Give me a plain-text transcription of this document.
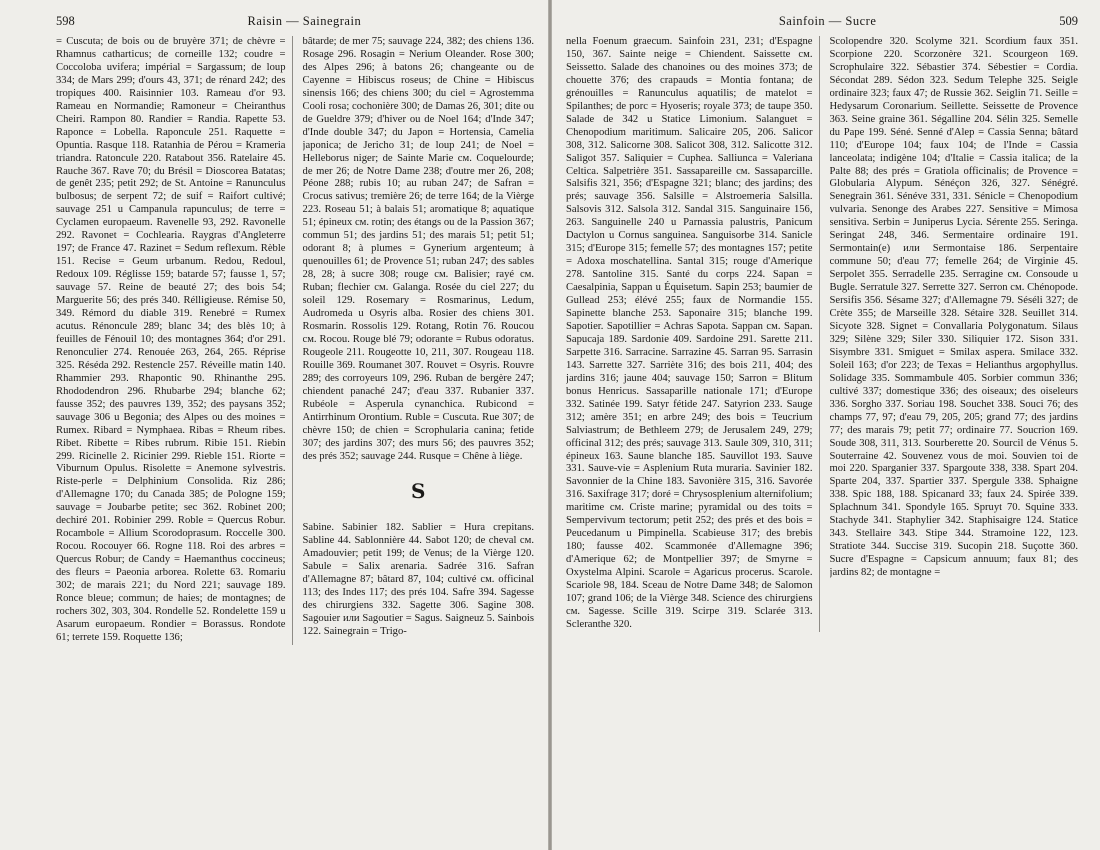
598	Raisin — Sainegrain

= Cuscuta; de bois ou de bruyère 371; de chèvre = Rhamnus catharticus; de corneille 132; coudre = Coccoloba uvifera; impérial = Sargassum; de loup 334; de Mars 299; d'ours 43, 371; de rénard 242; des tropiques 400. Raisinnier 103. Rameau d'or 93. Rameau en Normandie; Ramoneur = Cheiranthus Cheiri. Rampon 80. Randier = Randia. Rapette 53. Raponce = Lobella. Raponcule 251. Raquette = Opuntia. Rasque 118. Ratanhia de Pérou = Krameria triandra. Ratoncule 220. Ratabout 356. Ratelaire 45. Rauche 367. Rave 70; du Brésil = Dioscorea Batatas; de genêt 235; petit 292; de St. Antoine = Ranunculus bulbosus; de serpent 72; de suif = Raifort cultivé; sauvage 251 u Campanula rapunculus; de terre = Cyclamen europaeum. Ravenelle 93, 292. Ravonelle 292. Ravonet = Cochlearia. Raygras d'Angleterre 197; de France 47. Razinet = Sedum reflexum. Rèble 151. Recise = Geum urbanum. Redou, Redoul, Redoux 109. Réglisse 159; batarde 57; fausse 1, 57; sauvage 57. Reine de beauté 27; des bois 54; Marguerite 56; des prés 340. Rélligieuse. Rémise 50, 349. Rémord du diable 319. Renebré = Rumex acutus. Rénoncule 289; blanc 34; des blès 10; à feuilles de Fénouil 10; des montagnes 364; d'or 291. Renonculier 274. Renouée 263, 264, 265. Réprise 325. Réséda 292. Restencle 257. Réveille matin 140. Rhammier 293. Rhapontic 90. Rhinanthe 295. Rhododendron 296. Rhubarbe 294; blanche 62; fausse 352; des pauvres 139, 352; des paysans 352; sauvage 306 u Begonia; des Alpes ou des moines = Rumex. Ribard = Nymphaea. Ribas = Rheum ribes. Ribet. Ribette = Ribes rubrum. Ribie 151. Riebin 299. Ricinelle 2. Ricinier 299. Rieble 151. Riorte = Viburnum Opulus. Risolette = Anemone sylvestris. Riste-perle = Delphinium Consolida. Riz 286; d'Allemagne 170; du Canada 385; de Pologne 159; sauvage = Joubarbe petite; sec 362. Robinet 200; dechiré 201. Robinier 299. Roble = Quercus Robur. Rocambole = Allium Scorodoprasum. Roccelle 300. Rocou. Rocouyer 66. Rogne 118. Roi des arbres = Quercus Robur; de Candy = Haemanthus coccineus; des fleurs = Paeonia arborea. Rolette 63. Romariu 302; de marais 221; du Nord 221; sauvage 189. Ronce bleue; commun; de haies; de montagnes; de rochers 302, 303, 304. Rondelle 52. Rondelette 159 u Asarum europaeum. Rondier = Borassus. Rondote 61; terrete 159. Roquette 136;

bâtarde; de mer 75; sauvage 224, 382; des chiens 136. Rosage 296. Rosagin = Nerium Oleander. Rose 300; des Alpes 296; à batons 26; changeante ou de Cayenne = Hibiscus roseus; de Chine = Hibiscus sinensis 166; des chiens 300; du ciel = Agrostemma Cooli rosa; cochonière 300; de Damas 26, 301; dite ou de Gueldre 379; d'hiver ou de Noel 164; d'Inde 347; d'Inde double 347; du Japon = Hortensia, Camelia japonica; de Jericho 31; de loup 241; de Noel = Helleborus niger; de Sainte Marie cм. Coquelourde; de mer 26; de Notre Dame 238; d'outre mer 26, 208; Péone 288; rubis 10; au ruban 247; de Safran = Crocus sativus; tremière 26; de terre 164; de la Vièrge 223. Roseau 51; à balais 51; aromatique 8; aquatique 51; épineux cм. rotin; des étangs ou de la Passion 367; commun 51; des jardins 51; des marais 51; petit 51; odorant 8; à plumes = Gynerium argenteum; à quenouilles 61; de Provence 51; ruban 247; des sables 28, 28; à sucre 308; rouge cм. Balisier; rayé cм. Ruban; flechier cм. Galanga. Rosée du ciel 227; du soleil 129. Rosemary = Rosmarinus, Ledum, Audromeda u Osyris alba. Rosier des chiens 301. Rosmarin. Rossolis 129. Rotang, Rotin 76. Roucou cм. Rocou. Rouge blé 79; odorante = Rubus odoratus. Rougeole 211. Rougeotte 10, 211, 307. Rougeau 118. Rouille 369. Roumanet 307. Rouvet = Osyris. Rouvre 289; des corroyeurs 109, 296. Ruban de bergère 247; chiendent panaché 247; d'eau 337. Rubanier 337. Rubéole = Asperula cynanchica. Rubicond = Antirrhinum Orontium. Ruble = Cuscuta. Rue 307; de chèvre 150; de chien = Scrophularia canina; fetide 307; des jardins 307; des murs 56; des pauvres 352; des prés 352; sauvage 244. Rusque = Chêne à liège.

S

Sabine. Sabinier 182. Sablier = Hura crepitans. Sabline 44. Sablonnière 44. Sabot 120; de cheval cм. Amadouvier; petit 199; de Venus; de la Vièrge 120. Sabule = Salix arenaria. Sadrée 316. Safran d'Allemagne 87; bâtard 87, 104; cultivé cм. officinal 113; des Indes 117; des prés 104. Safre 394. Sagesse des chirurgiens 332. Sagette 306. Sagine 308. Sagouier или Sagoutier = Sagus. Saigneuz 5. Sainbois 122. Sainegrain = Trigo-

Sainfoin — Sucre	509

nella Foenum graecum. Sainfoin 231, 231; d'Espagne 150, 367. Sainte neige = Chiendent. Saissette cм. Seissetto. Salade des chanoines ou des moines 373; de chouette 376; des crapauds = Montia fontana; de grénouilles = Ranunculus aquatilis; de matelot = Spilanthes; de porc = Hyoseris; royale 373; de taupe 350. Salade de 342 u Statice Limonium. Salanguet = Chenopodium maritimum. Salicaire 205, 206. Salicor 308, 312. Salicorne 308. Salicot 308, 312. Salicotte 312. Saligot 357. Saliquier = Cuphea. Salliunca = Valeriana Celtica. Salpetrière 351. Sassapareille cм. Sassaparcille. Salsifis 321, 356; d'Espagne 321; blanc; des jardins; des prés; sauvage 356. Salsille = Alstroemeria Salsilla. Salsovis 312. Salsola 312. Sandal 315. Sanguinaire 156, 263. Sanguinelle 240 u Parnassia palustris, Panicum Dactylon u Cornus sanguinea. Sanguisorbe 314. Sanicle 315; d'Europe 315; femelle 57; des montagnes 157; petite = Adoxa moschatellina. Santal 315; rouge d'Amerique 278. Santoline 315. Santé du corps 224. Sapan = Caesalpinia, Sappan u Équisetum. Sapin 253; baumier de Gullead 253; élévé 255; faux de Normandie 155. Sapinette blanche 253. Saponaire 315; blanche 199. Sapotier. Sapotillier = Achras Sapota. Sappan cм. Sapan. Sapucaja 189. Sardonie 409. Sardoine 291. Sarette 211. Sarpette 316. Sarracine. Sarrazine 45. Sarran 95. Sarrasin 143. Sarrette 327. Sarriète 316; des bois 211, 404; des jardins 316; jaune 404; sauvage 150; Sarron = Blitum bonus Henricus. Sassaparille nationale 171; d'Europe 332. Satinée 199. Satyr fétide 247. Satyrion 233. Sauge 312; amère 351; en arbre 249; des bois = Teucrium Salviastrum; de Bethleem 279; de Jerusalem 249, 279; officinal 312; des prés; sauvage 313. Saule 309, 310, 311; épineux 163. Saune blanche 185. Sauvillot 193. Sauve 331. Sauve-vie = Asplenium Ruta muraria. Savinier 182. Savonnier de la Chine 183. Savonière 315, 316. Savorée 316. Saxifrage 317; doré = Chrysosplenium alternifolium; maritime cм. Criste marine; pyramidal ou des toits = Sempervivum tectorum; petit 252; des prés et des bois = Peucedanum u Pimpinella. Scabieuse 317; des brebis 180; fausse 402. Scammonée d'Allemagne 396; d'Amerique 62; de Montpellier 397; de Smyrne = Oxystelma Alpini. Scarole = Agaricus procerus. Scarole. Scariole 98, 184. Sceau de Notre Dame 348; de Salomon 107; grand 106; de la Vièrge 348. Science des chirurgiens cм. Sagesse. Scille 319. Scirpe 319. Sclarée 313. Scleranthe 320.

Scolopendre 320. Scolyme 321. Scordium faux 351. Scorpione 220. Scorzonère 321. Scourgeon 169. Scrophulaire 322. Sébastier 374. Sébestier = Cordia. Sécondat 289. Sédon 323. Sedum Telephe 325. Seigle ordinaire 323; faux 47; de Russie 362. Seiglin 71. Seille = Hedysarum Coronarium. Seillette. Seissette de Provence 363. Seine graine 361. Ségalline 204. Sélin 325. Semelle du Pape 199. Séné. Senné d'Alep = Cassia Senna; bâtard 110; d'Europe 104; faux 104; de l'Inde = Cassia lanceolata; indigène 104; d'Italie = Cassia italica; de la Palte 88; des prés = Gratiola officinalis; de Provence = Globularia Alypum. Sénéçon 326, 327. Sénégré. Senegrain 361. Sénéve 331, 331. Sénicle = Chenopodium vulvaria. Senonge des Arabes 227. Sensitive = Mimosa sensitiva. Serbin = Juniperus Lycia. Sérente 255. Seringa. Seringat 248, 346. Sermentaire ordinaire 191. Sermontain(e) или Sermontaise 186. Serpentaire commune 50; d'eau 77; femelle 264; de Virginie 45. Serpolet 355. Serradelle 235. Serragine cм. Consoude u Bugle. Serratule 327. Serrette 327. Serron cм. Chénopode. Sersifis 356. Sésame 327; d'Allemagne 79. Séséli 327; de Crète 355; de Marseille 328. Sétaire 328. Seuillet 314. Sicyote 328. Signet = Convallaria Polygonatum. Silaus 329; Silène 329; Siler 330. Siliquier 172. Sison 331. Sisymbre 331. Smiguet = Smilax aspera. Smilace 332. Soleil 163; d'or 223; de Texas = Helianthus argophyllus. Solidage 335. Sommambule 405. Sorbier commun 336; cultivé 337; domestique 336; des oiseaux; des oiseleurs 336. Sorgho 337. Soriau 198. Souchet 338. Souci 76; des champs 77, 97; d'eau 79, 205, 205; grand 77; des jardins 77; des marais 79; petit 77; ordinaire 77. Soucrion 169. Soude 308, 311, 313. Sourberette 20. Sourcil de Vénus 5. Souterraine 42. Souvenez vous de moi. Souvien toi de moi 220. Sparganier 337. Spargoute 338, 338. Spart 204. Sparte 204, 337. Spartier 337. Spergule 338. Sphaigne 338. Spic 188, 188. Spicanard 33; faux 24. Spirée 339. Splachnum 341. Spondyle 165. Spruyt 70. Squine 333. Stachyde 341. Staphylier 342. Staphisaigre 124. Statice 343. Stellaire 343. Stipe 344. Stramoine 122, 123. Stratiote 344. Succise 319. Sucopin 218. Suçotte 360. Sucre d'Espagne = Capsicum annuum; faux 81; des jardins 82; de montagne =
